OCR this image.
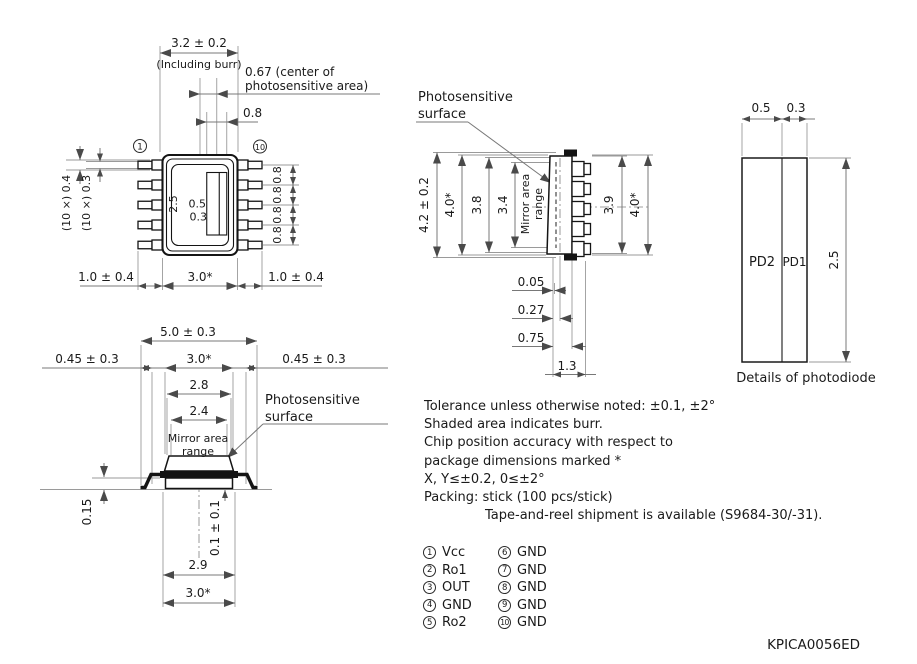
1	10
3.2 ± 0.2
(Including burr)
0.67 (center of
photosensitive area)
0.8
(10 ×) 0.4 (10 ×) 0.3	2.5 0.5
0.3
0.8
0.8
0.8
0.8
1.0 ± 0.4	3.0*	1.0 ± 0.4
5.0 ± 0.3
0.45 ± 0.3	3.0*	0.45 ± 0.3
2.8
2.4
Mirror area
range
Photosensitive
surface
0.15	0.1 ± 0.1
2.9
3.0*
Photosensitive
surface
4.2 ± 0.2 4.0* 3.8 3.4 Mirror area range	3.9 4.0*
0.05
0.27
0.75
1.3
0.5 0.3
PD2 PD1 2.5
Details of photodiode
Tolerance unless otherwise noted: ±0.1, ±2°
Shaded area indicates burr.
Chip position accuracy with respect to
package dimensions marked *
X, Y≤±0.2, 0≤±2°
Packing: stick (100 pcs/stick)
Tape-and-reel shipment is available (S9684-30/-31).
1 Vcc
2 Ro1
3 OUT
4 GND
5 Ro2
6 GND
7 GND
8 GND
9 GND
10 GND
KPICA0056ED
